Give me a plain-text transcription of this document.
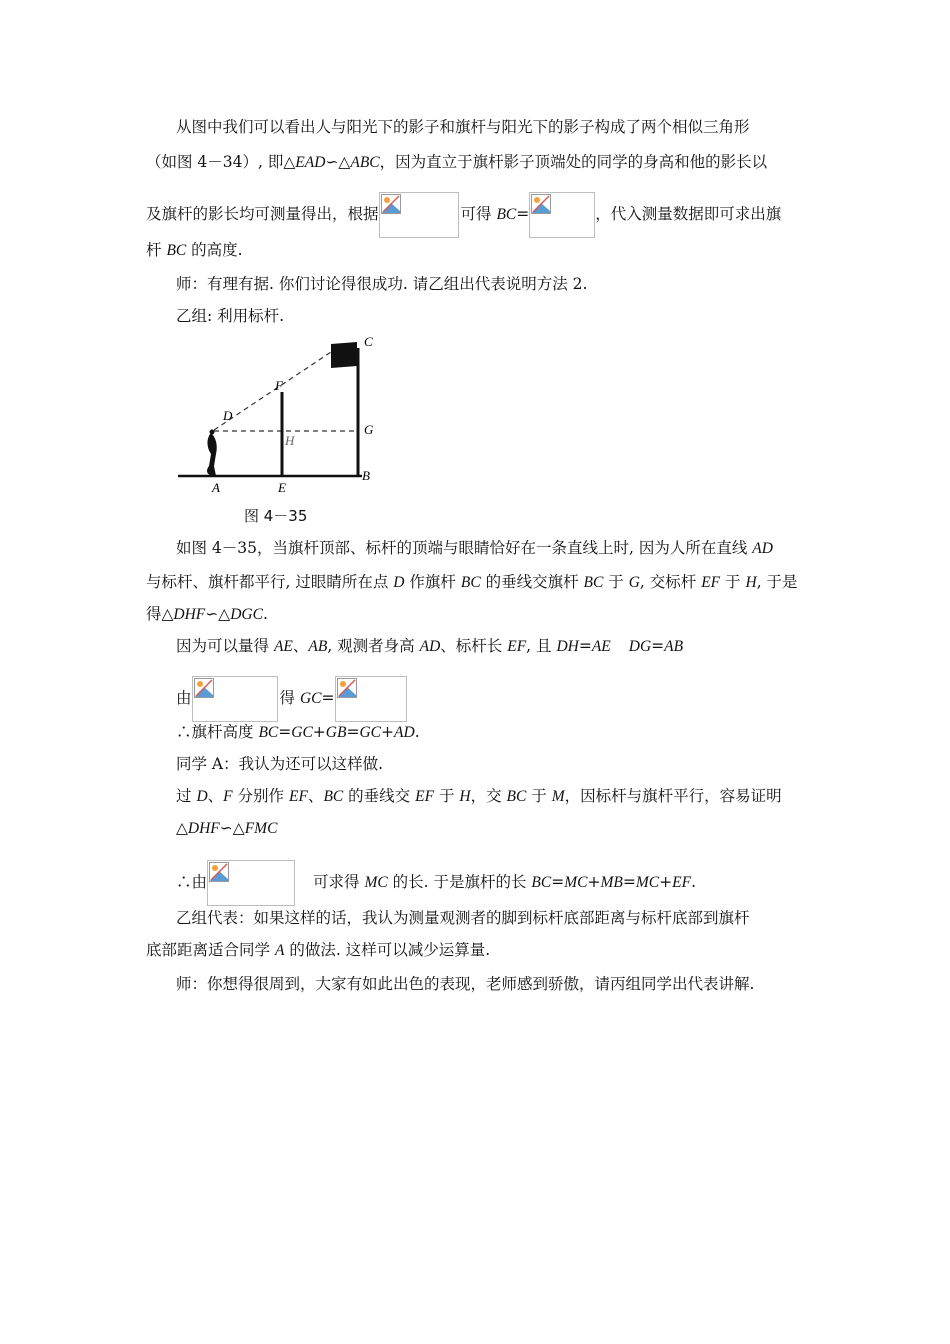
从图中我们可以看出人与阳光下的影子和旗杆与阳光下的影子构成了两个相似三角形
（如图 4－34）, 即△EAD∽△ABC，因为直立于旗杆影子顶端处的同学的身高和他的影长以
及旗杆的影长均可测量得出，根据	可得 BC=	，代入测量数据即可求出旗
杆 BC 的高度.
师：有理有据. 你们讨论得很成功. 请乙组出代表说明方法 2.
乙组: 利用标杆.
A
B
C
D
E
F
G
H
图 4－35
如图 4－35，当旗杆顶部、标杆的顶端与眼睛恰好在一条直线上时, 因为人所在直线 AD
与标杆、旗杆都平行, 过眼睛所在点 D 作旗杆 BC 的垂线交旗杆 BC 于 G, 交标杆 EF 于 H, 于是
得△DHF∽△DGC.
因为可以量得 AE、AB, 观测者身高 AD、标杆长 EF, 且 DH=AE DG=AB
由	得 GC=
∴旗杆高度 BC=GC+GB=GC+AD.
同学 A：我认为还可以这样做.
过 D、F 分别作 EF、BC 的垂线交 EF 于 H，交 BC 于 M，因标杆与旗杆平行，容易证明
△DHF∽△FMC
∴由	可求得 MC 的长. 于是旗杆的长 BC=MC+MB=MC+EF.
乙组代表：如果这样的话，我认为测量观测者的脚到标杆底部距离与标杆底部到旗杆
底部距离适合同学 A 的做法. 这样可以减少运算量.
师：你想得很周到，大家有如此出色的表现，老师感到骄傲，请丙组同学出代表讲解.
